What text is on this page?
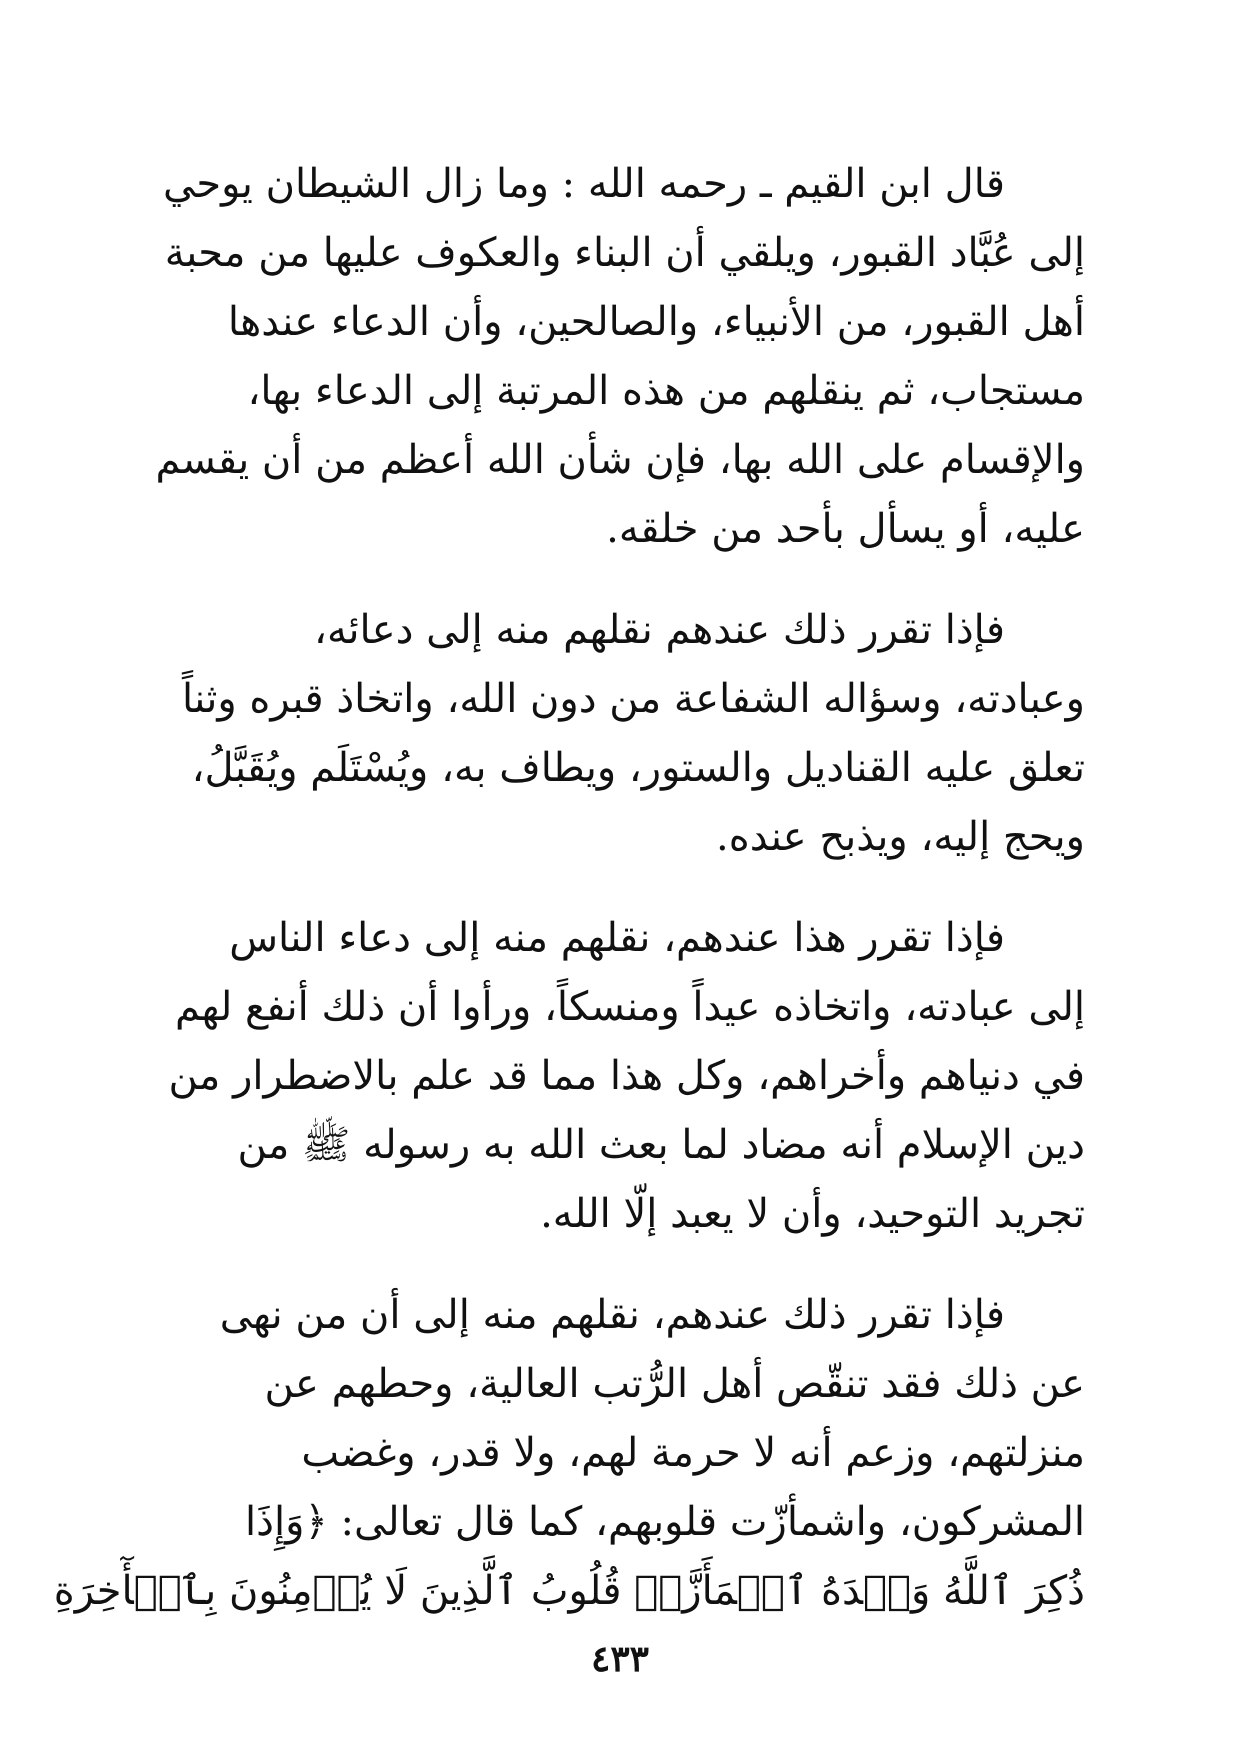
قال ابن القيم ـ رحمه الله : وما زال الشيطان يوحي
إلى عُبَّاد القبور، ويلقي أن البناء والعكوف عليها من محبة
أهل القبور، من الأنبياء، والصالحين، وأن الدعاء عندها
مستجاب، ثم ينقلهم من هذه المرتبة إلى الدعاء بها،
والإقسام على الله بها، فإن شأن الله أعظم من أن يقسم
عليه، أو يسأل بأحد من خلقه.

فإذا تقرر ذلك عندهم نقلهم منه إلى دعائه،
وعبادته، وسؤاله الشفاعة من دون الله، واتخاذ قبره وثناً
تعلق عليه القناديل والستور، ويطاف به، ويُسْتَلَم ويُقَبَّلُ،
ويحج إليه، ويذبح عنده.

فإذا تقرر هذا عندهم، نقلهم منه إلى دعاء الناس
إلى عبادته، واتخاذه عيداً ومنسكاً، ورأوا أن ذلك أنفع لهم
في دنياهم وأخراهم، وكل هذا مما قد علم بالاضطرار من
دين الإسلام أنه مضاد لما بعث الله به رسوله ﷺ من
تجريد التوحيد، وأن لا يعبد إلّا الله.

فإذا تقرر ذلك عندهم، نقلهم منه إلى أن من نهى
عن ذلك فقد تنقّص أهل الرُّتب العالية، وحطهم عن
منزلتهم، وزعم أنه لا حرمة لهم، ولا قدر، وغضب
المشركون، واشمأزّت قلوبهم، كما قال تعالى: ﴿وَإِذَا
ذُكِرَ ٱللَّهُ وَحۡدَهُ ٱشۡمَأَزَّتۡ قُلُوبُ ٱلَّذِينَ لَا يُؤۡمِنُونَ بِٱلۡأٓخِرَةِ

٤٣٣
